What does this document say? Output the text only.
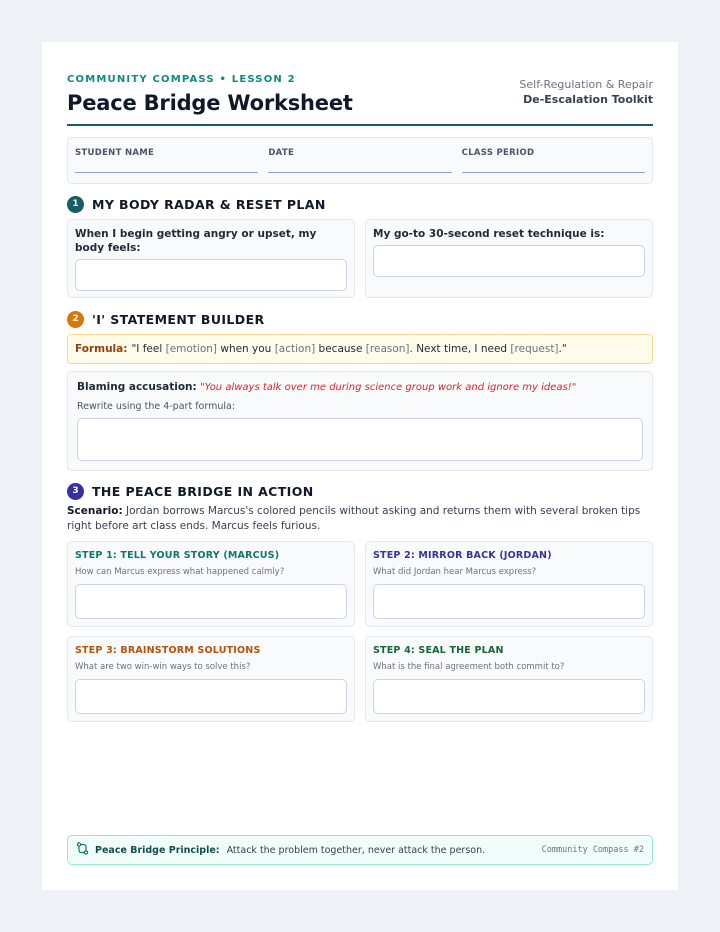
COMMUNITY COMPASS • LESSON 2
Peace Bridge Worksheet
Self-Regulation & Repair
De-Escalation Toolkit
STUDENT NAME	DATE	CLASS PERIOD
1	MY BODY RADAR & RESET PLAN
When I begin getting angry or upset, my body feels:
My go-to 30-second reset technique is:
2	'I' STATEMENT BUILDER
Formula: "I feel [emotion] when you [action] because [reason] . Next time, I need [request] ."
Blaming accusation: "You always talk over me during science group work and ignore my ideas!"
Rewrite using the 4-part formula:
3	THE PEACE BRIDGE IN ACTION
Scenario: Jordan borrows Marcus's colored pencils without asking and returns them with several broken tips right before art class ends. Marcus feels furious.
STEP 1: TELL YOUR STORY (MARCUS)
How can Marcus express what happened calmly?
STEP 2: MIRROR BACK (JORDAN)
What did Jordan hear Marcus express?
STEP 3: BRAINSTORM SOLUTIONS
What are two win-win ways to solve this?
STEP 4: SEAL THE PLAN
What is the final agreement both commit to?
Peace Bridge Principle: Attack the problem together, never attack the person.	Community Compass #2
